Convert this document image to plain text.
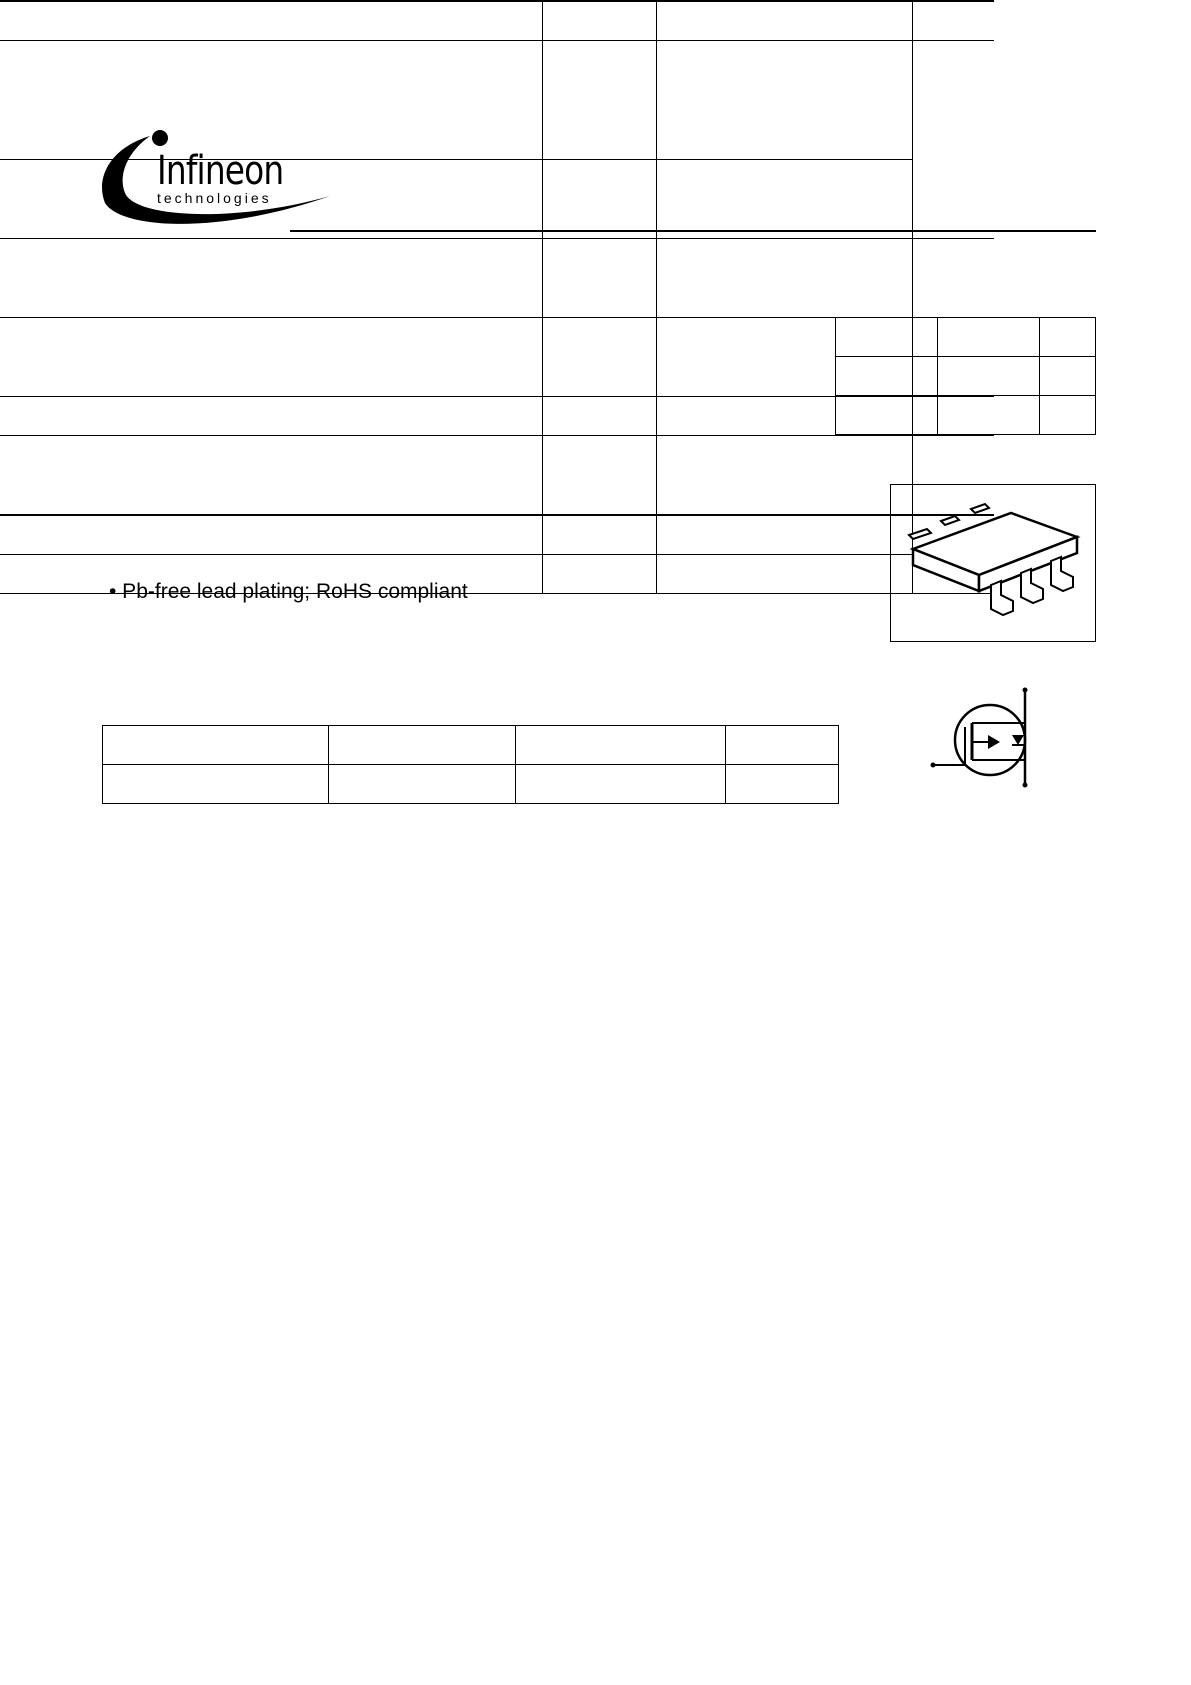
Infineon
technologies

• Pb-free lead plating; RoHS compliant
